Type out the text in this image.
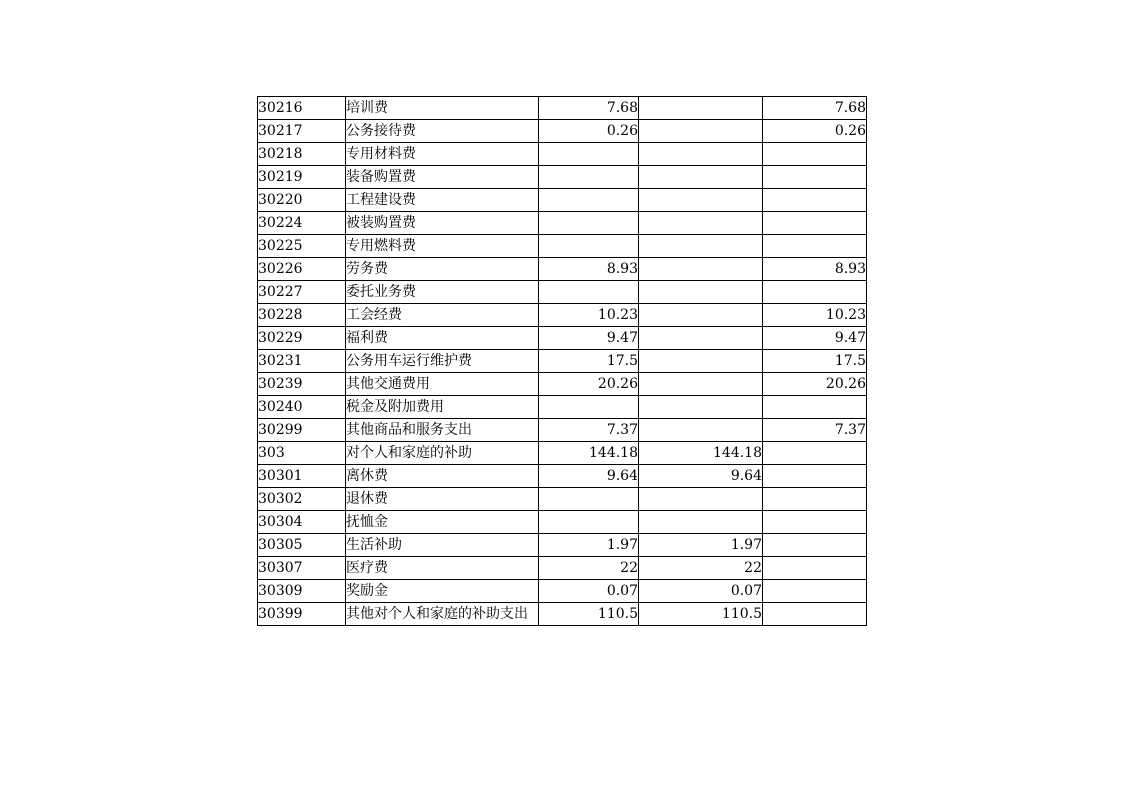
30216	培训费	7.68		7.68
30217	公务接待费	0.26		0.26
30218	专用材料费			
30219	装备购置费			
30220	工程建设费			
30224	被装购置费			
30225	专用燃料费			
30226	劳务费	8.93		8.93
30227	委托业务费			
30228	工会经费	10.23		10.23
30229	福利费	9.47		9.47
30231	公务用车运行维护费	17.5		17.5
30239	其他交通费用	20.26		20.26
30240	税金及附加费用			
30299	其他商品和服务支出	7.37		7.37
303	对个人和家庭的补助	144.18	144.18	
30301	离休费	9.64	9.64	
30302	退休费			
30304	抚恤金			
30305	生活补助	1.97	1.97	
30307	医疗费	22	22	
30309	奖励金	0.07	0.07	
30399	其他对个人和家庭的补助支出	110.5	110.5	
